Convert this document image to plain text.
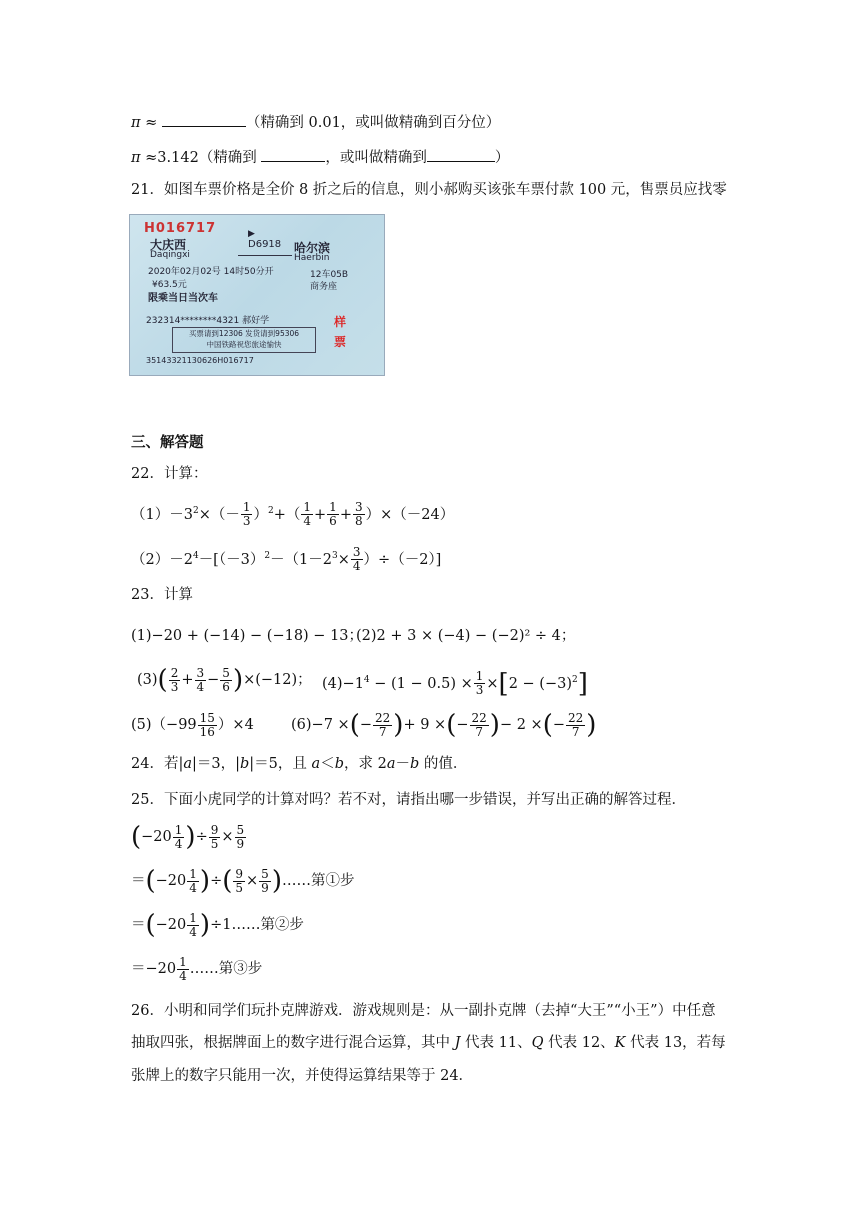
π ≈	（精确到 0.01，或叫做精确到百分位）
π ≈3.142（精确到	，或叫做精确到	）
21．如图车票价格是全价 8 折之后的信息，则小郝购买该张车票付款 100 元，售票员应找零
H016717
大庆西
Daqingxi
▶
D6918 哈尔滨
Haerbin
2020年02月02号 14时50分开	12车05B
¥63.5元	商务座
限乘当日当次车
232314********4321 郝好学
买票请到12306 发货请到95306
中国铁路祝您旅途愉快
样
票
35143321130626H016717
三、解答题
22．计算：
$(1)-3^2\times(- \frac{1}{3} )^2+( \frac{1}{4} + \frac{1}{6} + \frac{3}{8} )\times(-24)$
$(2)-2^4-[(-3)^2-(1-2^3\times \frac{3}{4} )\div(-2)]$
23．计算
(1)−20 + (−14) − (−18) − 13；
(2)2 + 3 × (−4) − (−2)² ÷ 4；
$(3)( \frac{2}{3} + \frac{3}{4} - \frac{5}{6} )\times(-12)$； $(4)-1^4 - (1 - 0.5) \times \frac{1}{3} \times[2 - (-3)^2]$
$(5)(-99 \frac{15}{16} )\times 4$	(6)−7 ×(− $\frac{22}{7}$ )+ 9 ×(− $\frac{22}{7}$ )− 2 ×(− $\frac{22}{7}$ )
24．若|a|＝3，|b|＝5，且 a＜b，求 2a－b 的值．
25．下面小虎同学的计算对吗？若不对，请指出哪一步错误，并写出正确的解答过程．
($-20 \frac{1}{4}$ )÷ $\frac{9}{5} \times \frac{5}{9}$
$=(-20 \frac{1}{4}$ )÷( $\frac{9}{5} \times \frac{5}{9}$ )……第①步
$=(-20 \frac{1}{4}$ )÷1……第②步
$=-20 \frac{1}{4}$ ……第③步
26．小明和同学们玩扑克牌游戏．游戏规则是：从一副扑克牌（去掉“大王”“小王”）中任意
抽取四张，根据牌面上的数字进行混合运算，其中 J 代表 11、Q 代表 12、K 代表 13，若每
张牌上的数字只能用一次，并使得运算结果等于 24．
